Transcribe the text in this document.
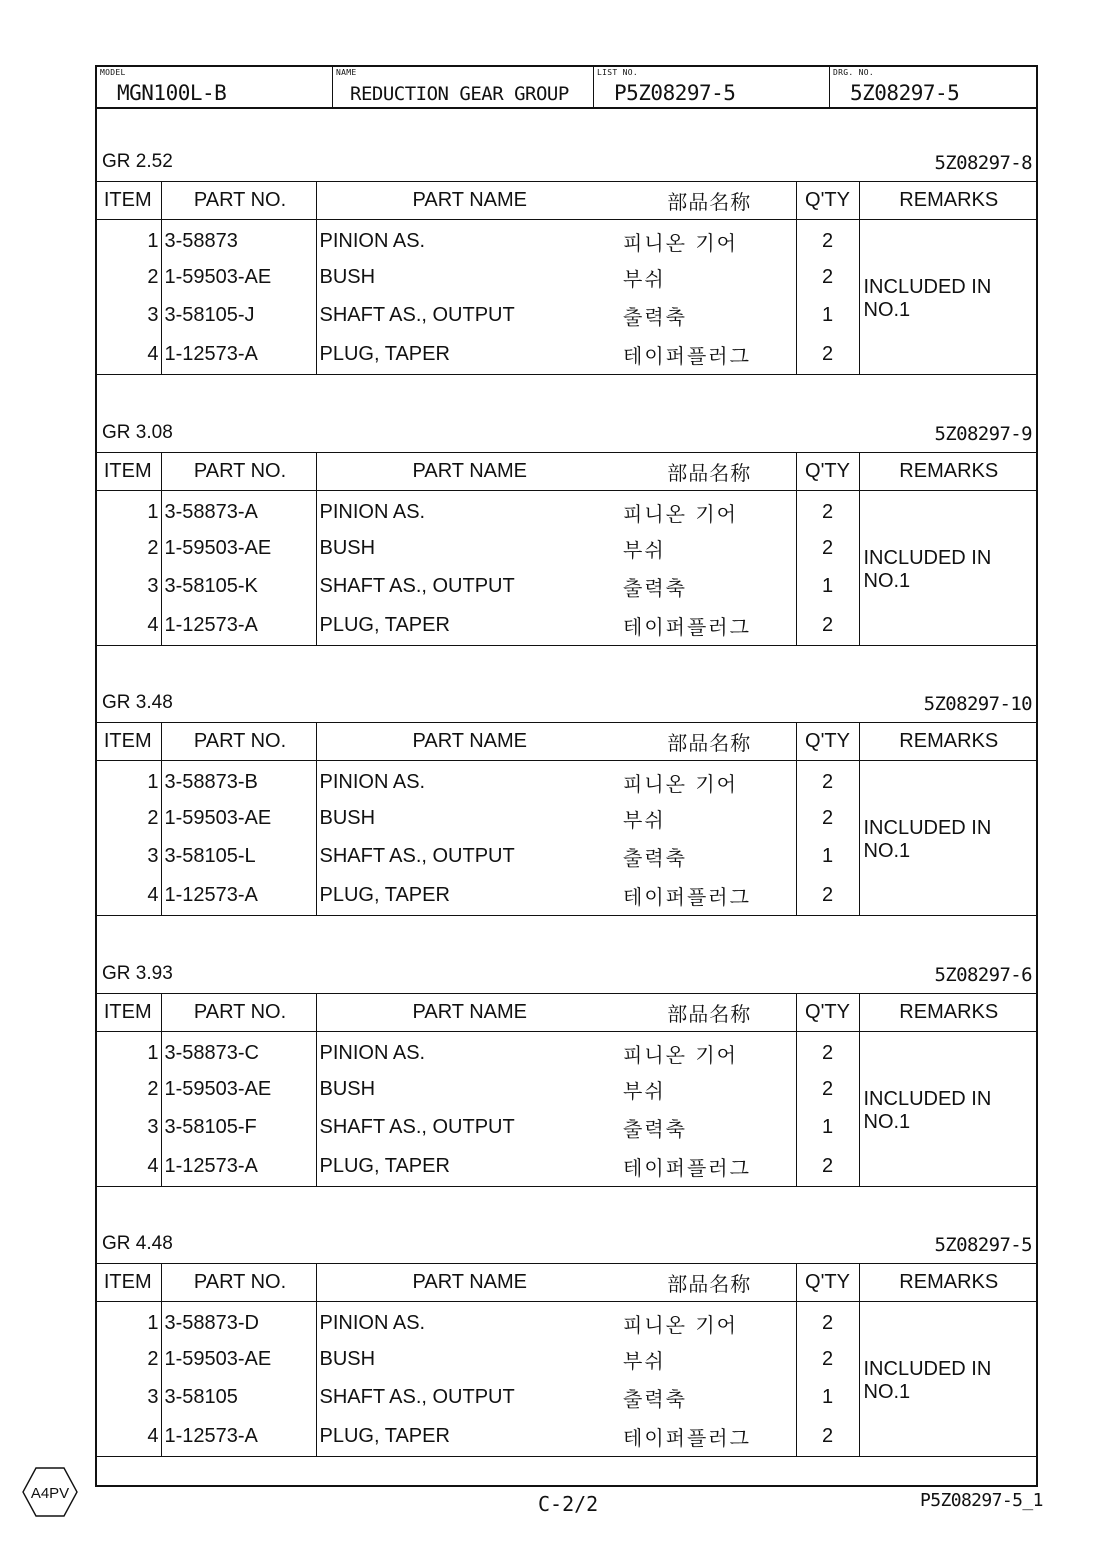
MODEL
MGN100L-B
NAME
REDUCTION GEAR GROUP
LIST NO.
P5Z08297-5
DRG. NO.
5Z08297-5
GR 2.52	5Z08297-8
ITEM	PART NO.	PART NAME	部品名称	Q'TY	REMARKS
1	3-58873	PINION AS.	피니온 기어	2	INCLUDED IN NO.1
2	1-59503-AE	BUSH	부쉬	2	
3	3-58105-J	SHAFT AS., OUTPUT	출력축	1	
4	1-12573-A	PLUG, TAPER	테이퍼플러그	2	
GR 3.08	5Z08297-9
ITEM	PART NO.	PART NAME	部品名称	Q'TY	REMARKS
1	3-58873-A	PINION AS.	피니온 기어	2	INCLUDED IN NO.1
2	1-59503-AE	BUSH	부쉬	2	
3	3-58105-K	SHAFT AS., OUTPUT	출력축	1	
4	1-12573-A	PLUG, TAPER	테이퍼플러그	2	
GR 3.48	5Z08297-10
ITEM	PART NO.	PART NAME	部品名称	Q'TY	REMARKS
1	3-58873-B	PINION AS.	피니온 기어	2	INCLUDED IN NO.1
2	1-59503-AE	BUSH	부쉬	2	
3	3-58105-L	SHAFT AS., OUTPUT	출력축	1	
4	1-12573-A	PLUG, TAPER	테이퍼플러그	2	
GR 3.93	5Z08297-6
ITEM	PART NO.	PART NAME	部品名称	Q'TY	REMARKS
1	3-58873-C	PINION AS.	피니온 기어	2	INCLUDED IN NO.1
2	1-59503-AE	BUSH	부쉬	2	
3	3-58105-F	SHAFT AS., OUTPUT	출력축	1	
4	1-12573-A	PLUG, TAPER	테이퍼플러그	2	
GR 4.48	5Z08297-5
ITEM	PART NO.	PART NAME	部品名称	Q'TY	REMARKS
1	3-58873-D	PINION AS.	피니온 기어	2	INCLUDED IN NO.1
2	1-59503-AE	BUSH	부쉬	2	
3	3-58105	SHAFT AS., OUTPUT	출력축	1	
4	1-12573-A	PLUG, TAPER	테이퍼플러그	2	
A4PV	C-2/2	P5Z08297-5_1
